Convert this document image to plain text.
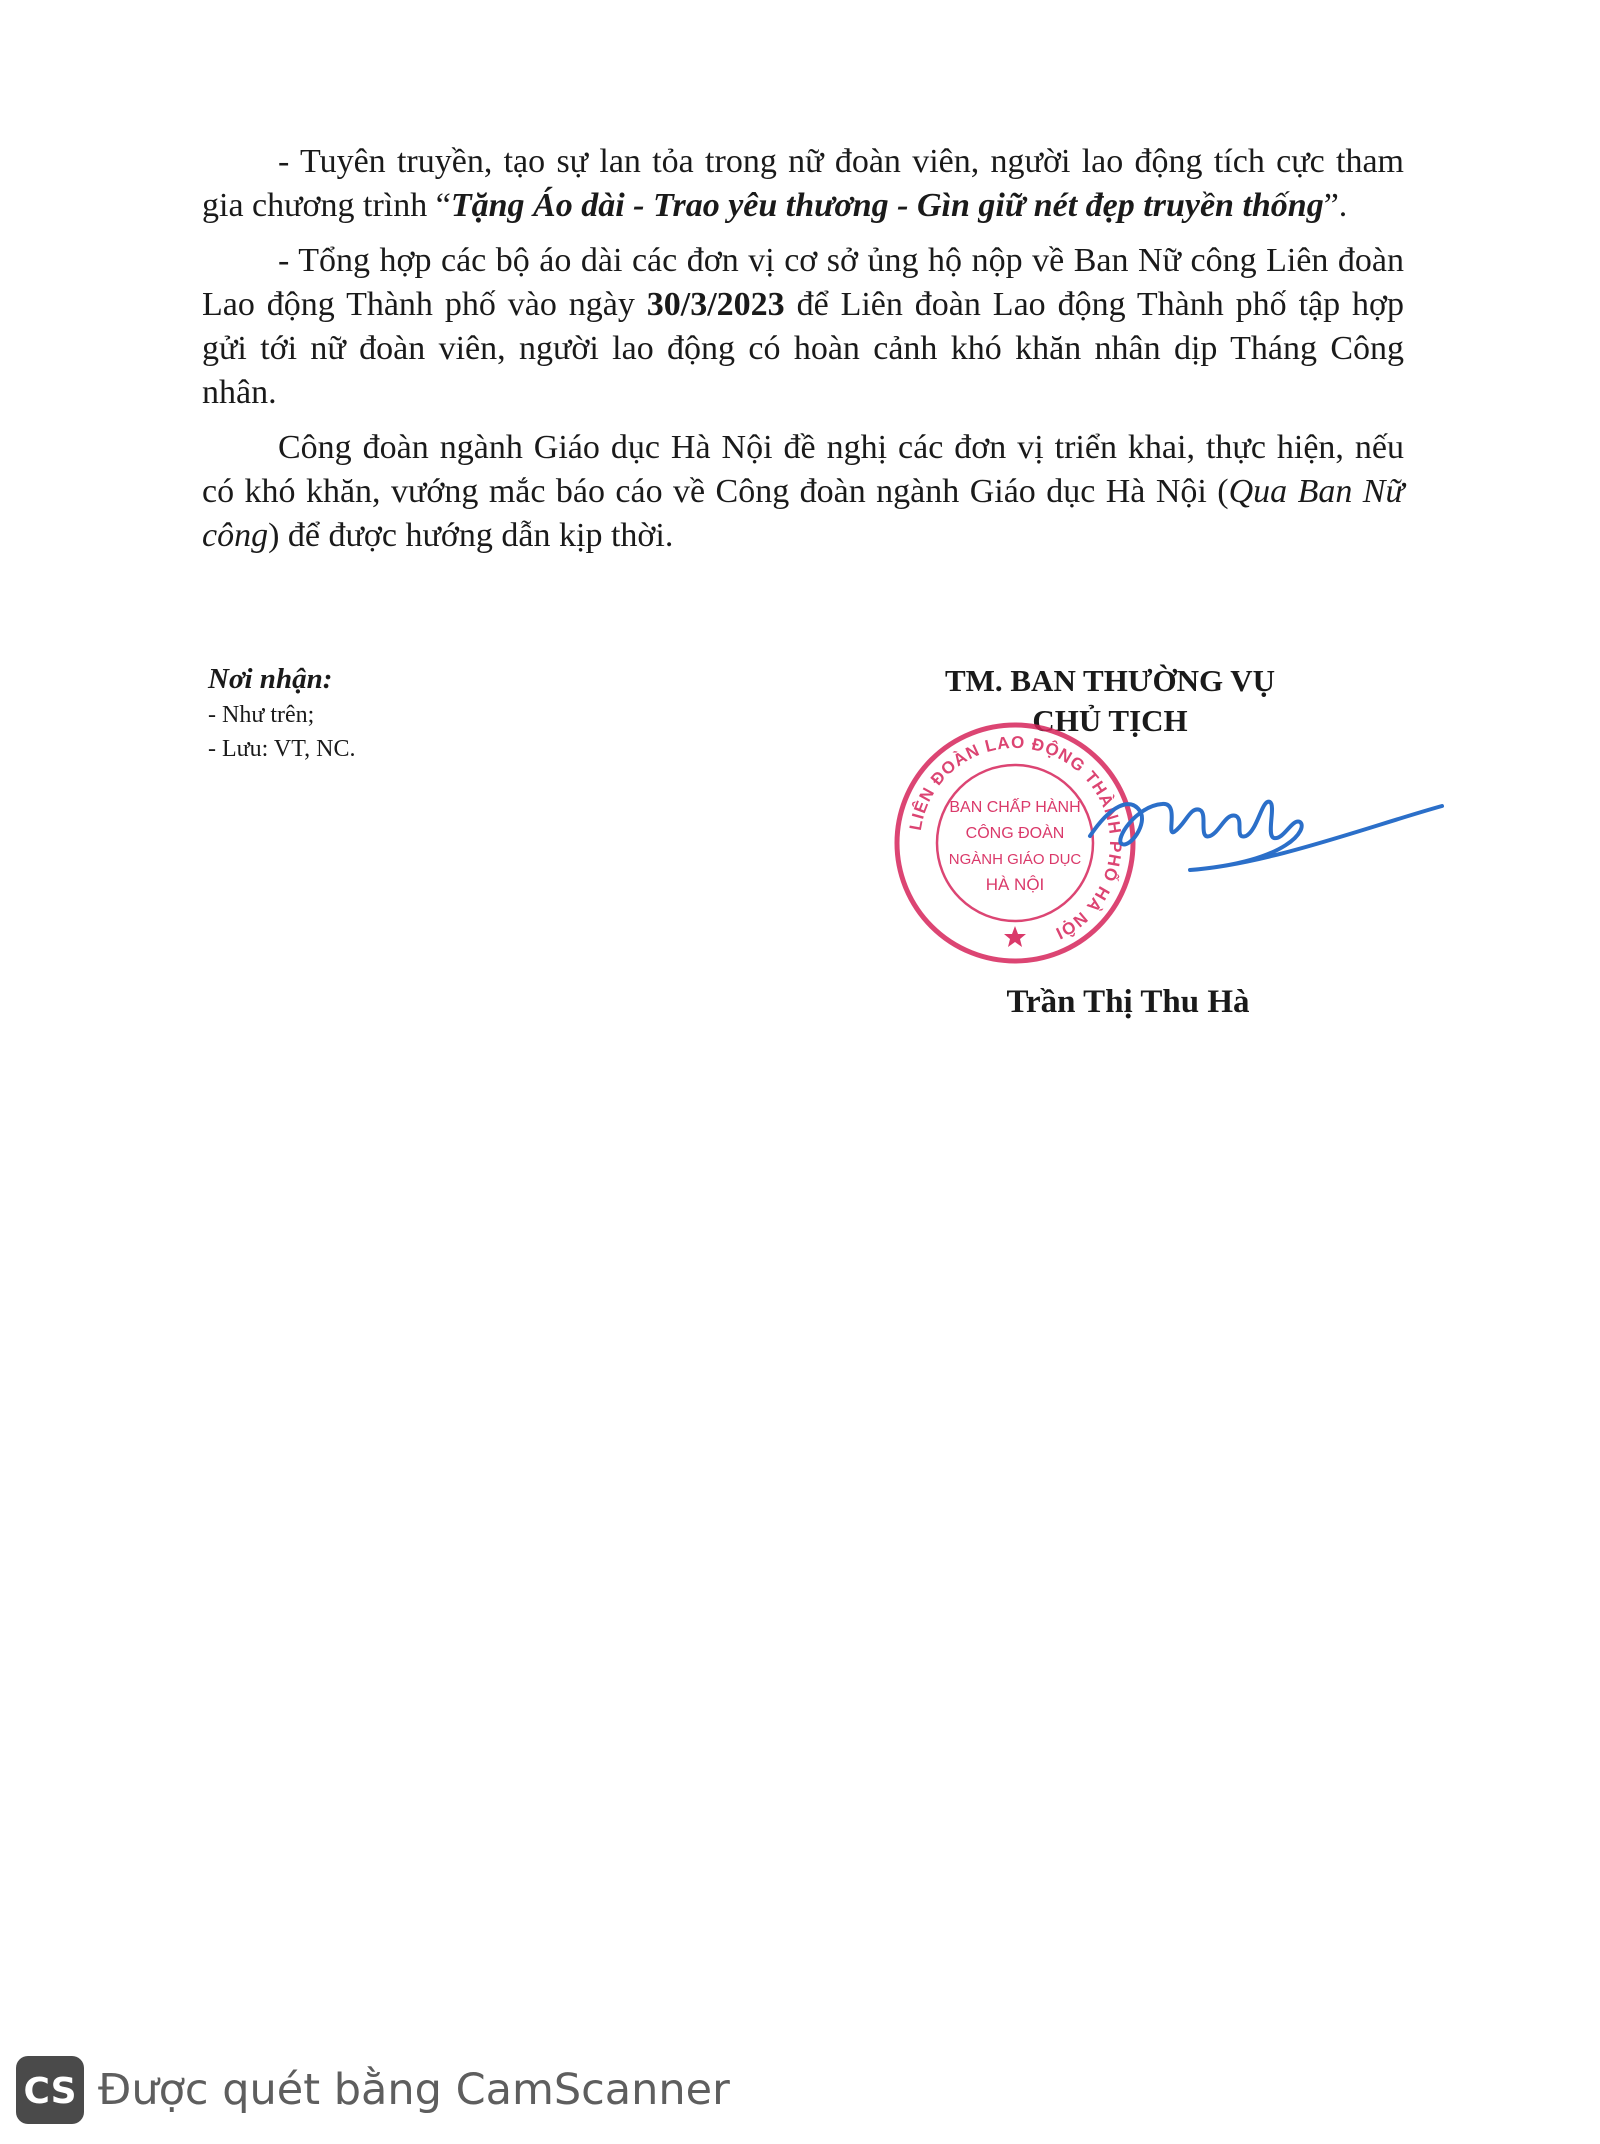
- Tuyên truyền, tạo sự lan tỏa trong nữ đoàn viên, người lao động tích cực tham gia chương trình “Tặng Áo dài - Trao yêu thương - Gìn giữ nét đẹp truyền thống”.

- Tổng hợp các bộ áo dài các đơn vị cơ sở ủng hộ nộp về Ban Nữ công Liên đoàn Lao động Thành phố vào ngày 30/3/2023 để Liên đoàn Lao động Thành phố tập hợp gửi tới nữ đoàn viên, người lao động có hoàn cảnh khó khăn nhân dịp Tháng Công nhân.

Công đoàn ngành Giáo dục Hà Nội đề nghị các đơn vị triển khai, thực hiện, nếu có khó khăn, vướng mắc báo cáo về Công đoàn ngành Giáo dục Hà Nội (Qua Ban Nữ công) để được hướng dẫn kịp thời.

Nơi nhận:
- Như trên;
- Lưu: VT, NC.
TM. BAN THƯỜNG VỤ
CHỦ TỊCH
LIÊN ĐOÀN LAO ĐỘNG THÀNH PHỐ HÀ NỘI
BAN CHẤP HÀNH
CÔNG ĐOÀN
NGÀNH GIÁO DỤC
HÀ NỘI
Trần Thị Thu Hà
CS Được quét bằng CamScanner
